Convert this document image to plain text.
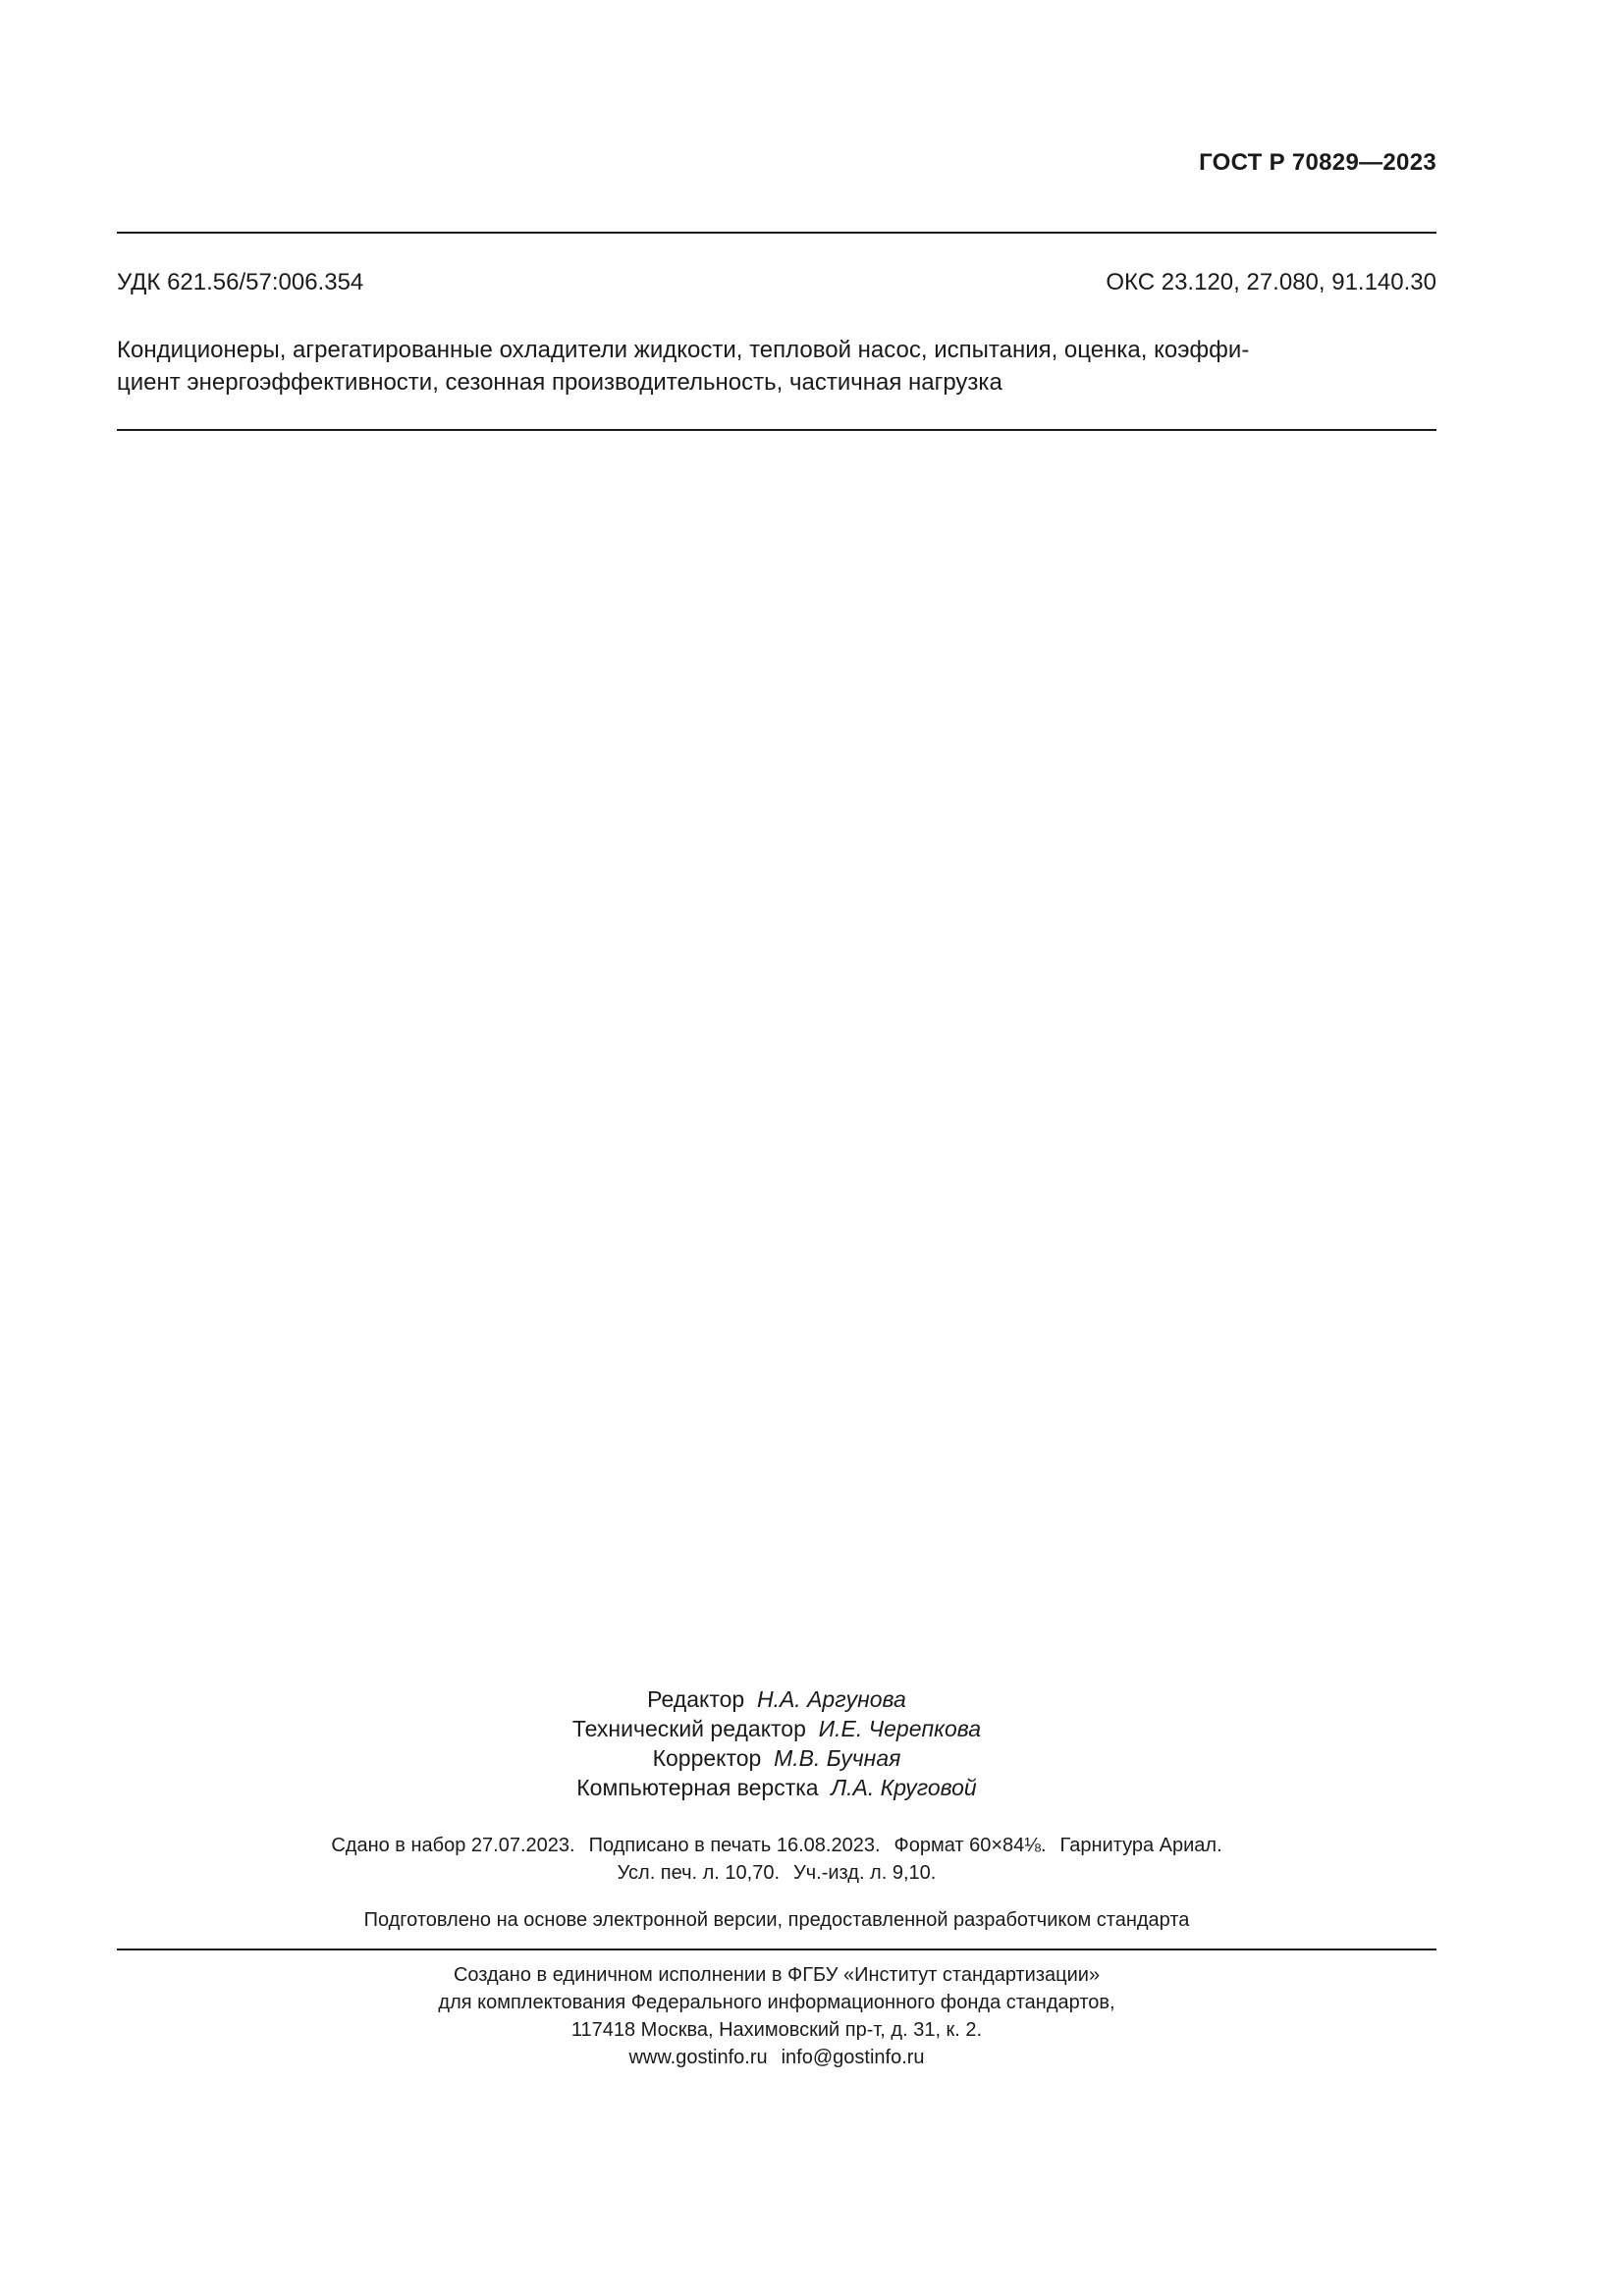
ГОСТ Р 70829—2023
УДК 621.56/57:006.354	ОКС 23.120, 27.080, 91.140.30
Кондиционеры, агрегатированные охладители жидкости, тепловой насос, испытания, оценка, коэффи-
циент энергоэффективности, сезонная производительность, частичная нагрузка
Редактор Н.А. Аргунова
Технический редактор И.Е. Черепкова
Корректор М.В. Бучная
Компьютерная верстка Л.А. Круговой
Сдано в набор 27.07.2023. Подписано в печать 16.08.2023. Формат 60×84⅛. Гарнитура Ариал.
Усл. печ. л. 10,70. Уч.-изд. л. 9,10.
Подготовлено на основе электронной версии, предоставленной разработчиком стандарта
Создано в единичном исполнении в ФГБУ «Институт стандартизации»
для комплектования Федерального информационного фонда стандартов,
117418 Москва, Нахимовский пр-т, д. 31, к. 2.
www.gostinfo.ru info@gostinfo.ru
